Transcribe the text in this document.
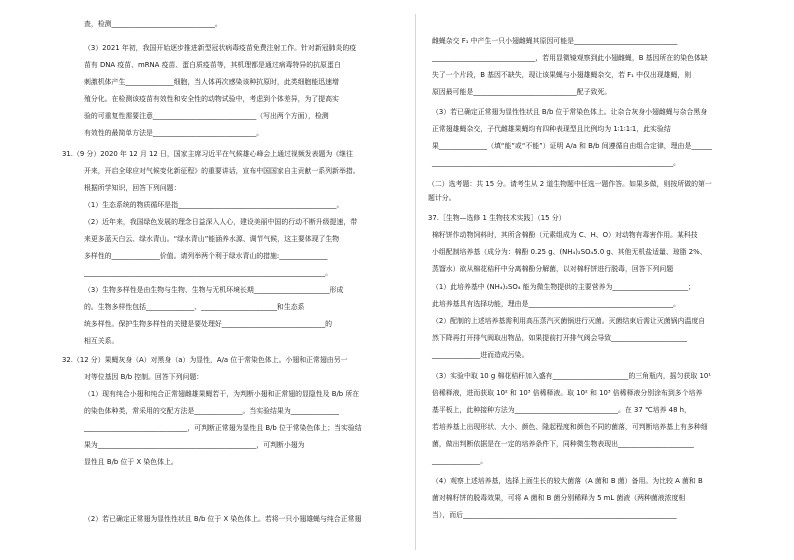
查，检测______________________________。
（3）2021 年初，我国开始逐步推进新型冠状病毒疫苗免费注射工作。针对新冠肺炎的疫
苗有 DNA 疫苗、mRNA 疫苗、蛋白质疫苗等，其机理都是通过病毒特异的抗原蛋白
刺激机体产生______________细胞，当人体再次感染该种抗原时，此类细胞能迅速增
殖分化。在检测该疫苗有效性和安全性的动物试验中，考虑到个体差异，为了提高实
验的可重复性需要注意______________________________（写出两个方面），检测
有效性的最简单方法是______________________________。
31.（9 分）2020 年 12 月 12 日，国家主席习近平在气候雄心峰会上通过视频发表题为《继往
开来，开启全球应对气候变化新征程》的重要讲话，宣布中国国家自主贡献一系列新举措。
根据所学知识，回答下列问题：
（1）生态系统的物质循环是指______________________________________________。
（2）近年来，我国绿色发展的理念日益深入人心，建设美丽中国的行动不断升级提速，带
来更多蓝天白云、绿水青山。“绿水青山”能涵养水源、调节气候，这主要体现了生物
多样性的______________价值。请列举两个利于绿水青山的措施:______________
______________________________________________________________________。
（3）生物多样性是由生物与生物、生物与无机环境长期______________________形成
的。生物多样性包括______________、______________________和生态系
统多样性。保护生物多样性的关键是要处理好______________________________的
相互关系。
32.（12 分）果蝇灰身（A）对黑身（a）为显性，A/a 位于常染色体上。小翅和正常翅由另一
对等位基因 B/b 控制。回答下列问题：
（1）现有纯合小翅和纯合正常翅雌雄果蝇若干，为判断小翅和正常翅的显隐性及 B/b 所在
的染色体种类，常采用的交配方法是______________。当实验结果为______________
______________________________，可判断正常翅为显性且 B/b 位于常染色体上；当实验结
果为______________________________________________，可判断小翅为
显性且 B/b 位于 X 染色体上。
（2）若已确定正常翅为显性性状且 B/b 位于 X 染色体上。若将一只小翅雄蝇与纯合正常翅
雌蝇杂交 F₁ 中产生一只小翅雌蝇其原因可能是______________________________
______________________________，若用显微镜观察到此小翅雌蝇，B 基因所在的染色体缺
失了一个片段，B 基因不缺失，现让该果蝇与小翅雄蝇杂交，若 F₁ 中仅出现雄蝇，则
原因最可能是______________________________配子致死。
（3）若已确定正常翅为显性性状且 B/b 位于常染色体上。让杂合灰身小翅雌蝇与杂合黑身
正常翅雄蝇杂交，子代雌雄果蝇均有四种表现型且比例均为 1∶1∶1∶1，此实验结
果______________（填“能”或“不能”）证明 A/a 和 B/b 间遵循自由组合定律，理由是______
______________________________________________________________________。
（二）选考题：共 15 分。请考生从 2 道生物题中任选一题作答。如果多做，则按所做的第一
题计分。
37.［生物—选修 1 生物技术实践］（15 分）
棉籽饼作动物饲料时，其所含棉酚（元素组成为 C、H、O）对动物有毒害作用。某科技
小组配制培养基（成分为：棉酚 0.25 g、(NH₄)₂SO₄5.0 g、其他无机盐适量、琼脂 2%、
蒸馏水）欲从棉花秸秆中分离棉酚分解菌，以对棉籽饼进行脱毒，回答下列问题
（1）此培养基中 (NH₄)₂SO₄ 能为微生物提供的主要营养为______________________；
此培养基具有选择功能，理由是__________________________________________。
（2）配制的上述培养基需利用高压蒸汽灭菌锅进行灭菌。灭菌结束后需让灭菌锅内温度自
然下降再打开排气阀取出物品，如果提前打开排气阀会导致______________________
______________进而造成污染。
（3）实验中取 10 g 棉花秸秆加入盛有______________________的三角瓶内，摇匀获取 10¹
倍稀释液，进而获取 10² 和 10³ 倍稀释液。取 10² 和 10³ 倍稀释液分别涂布到多个培养
基平板上，此种接种方法为______________________________。在 37 ℃培养 48 h，
若培养基上出现形状、大小、颜色、隆起程度和颜色不同的菌落，可判断培养基上有多种细
菌，做出判断依据是在一定的培养条件下，同种微生物表现出______________________
______________。
（4）观察上述培养基，选择上面生长的较大菌落（A 菌和 B 菌）备用。为比较 A 菌和 B
菌对棉籽饼的脱毒效果，可将 A 菌和 B 菌分别稀释为 5 mL 菌液（两种菌液浓度相
当），而后______________________________________________________________
